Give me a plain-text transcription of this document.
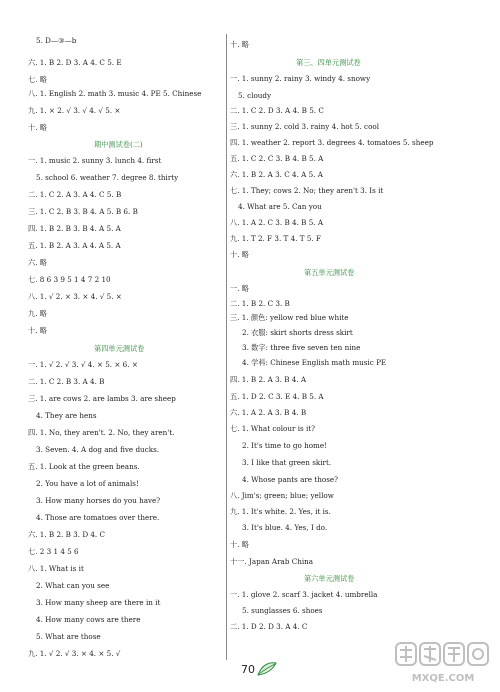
5. D—③—b
六. 1. B 2. D 3. A 4. C 5. E
七. 略
八. 1. English 2. math 3. music 4. PE 5. Chinese
九. 1. × 2. √ 3. √ 4. √ 5. ×
十. 略
期中测试卷(二)
一. 1. music 2. sunny 3. lunch 4. first
5. school 6. weather 7. degree 8. thirty
二. 1. C 2. A 3. A 4. C 5. B
三. 1. C 2. B 3. B 4. A 5. B 6. B
四. 1. B 2. B 3. B 4. A 5. A
五. 1. B 2. A 3. A 4. A 5. A
六. 略
七. 8 6 3 9 5 1 4 7 2 10
八. 1. √ 2. × 3. × 4. √ 5. ×
九. 略
十. 略
第四单元测试卷
一. 1. √ 2. √ 3. √ 4. × 5. × 6. ×
二. 1. C 2. B 3. A 4. B
三. 1. are cows 2. are lambs 3. are sheep
4. They are hens
四. 1. No, they aren't. 2. No, they aren't.
3. Seven. 4. A dog and five ducks.
五. 1. Look at the green beans.
2. You have a lot of animals!
3. How many horses do you have?
4. Those are tomatoes over there.
六. 1. B 2. B 3. D 4. C
七. 2 3 1 4 5 6
八. 1. What is it
2. What can you see
3. How many sheep are there in it
4. How many cows are there
5. What are those
九. 1. √ 2. √ 3. × 4. × 5. √
十. 略
第三、四单元测试卷
一. 1. sunny 2. rainy 3. windy 4. snowy
5. cloudy
二. 1. C 2. D 3. A 4. B 5. C
三. 1. sunny 2. cold 3. rainy 4. hot 5. cool
四. 1. weather 2. report 3. degrees 4. tomatoes 5. sheep
五. 1. C 2. C 3. B 4. B 5. A
六. 1. B 2. A 3. C 4. A 5. A
七. 1. They; cows 2. No; they aren't 3. Is it
4. What are 5. Can you
八. 1. A 2. C 3. B 4. B 5. A
九. 1. T 2. F 3. T 4. T 5. F
十. 略
第五单元测试卷
一. 略
二. 1. B 2. C 3. B
三. 1. 颜色: yellow red blue white
2. 衣服: skirt shorts dress skirt
3. 数字: three five seven ten nine
4. 学科: Chinese English math music PE
四. 1. B 2. A 3. B 4. A
五. 1. D 2. C 3. E 4. B 5. A
六. 1. A 2. A 3. B 4. B
七. 1. What colour is it?
2. It's time to go home!
3. I like that green skirt.
4. Whose pants are those?
八. Jim's; green; blue; yellow
九. 1. It's white. 2. Yes, it is.
3. It's blue. 4. Yes, I do.
十. 略
十一. Japan Arab China
第六单元测试卷
一. 1. glove 2. scarf 3. jacket 4. umbrella
5. sunglasses 6. shoes
二. 1. D 2. D 3. A 4. C
70
MXQE.COM
